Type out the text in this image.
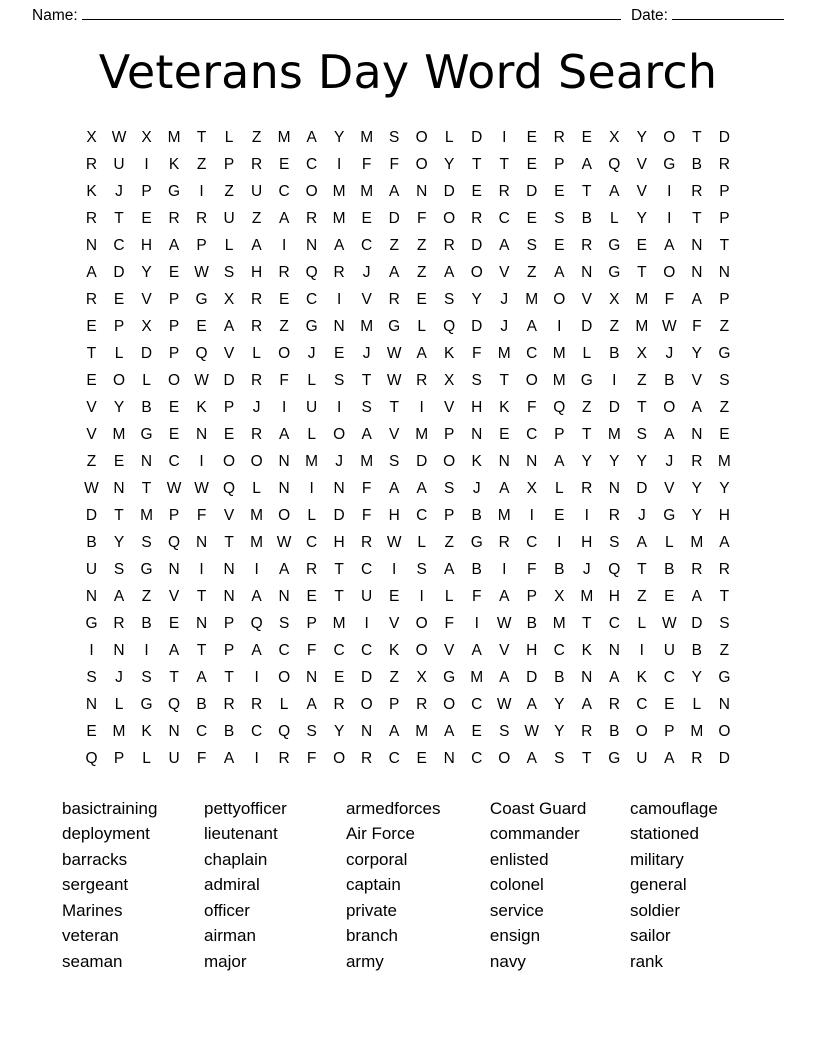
Name:	Date:
Veterans Day Word Search
X W X	M	T	L	Z	M	A	Y	M	S	O	L	D	I	E	R	E	X	Y	O	T	D
R	U	I	K	Z	P	R	E	C	I	F	F	O	Y	T	T	E	P	A	Q	V	G	B	R
K	J	P	G	I	Z	U	C	O M M	A	N	D	E	R	D	E	T	A	V	I	R	P
R	T	E	R	R	U	Z	A	R M	E	D	F	O	R	C	E	S	B	L	Y	I	T	P
N	C	H	A	P	L	A	I	N	A	C	Z	Z	R	D	A	S	E	R	G	E	A	N	T
A	D	Y	E W S	H	R	Q	R	J	A	Z	A	O	V	Z	A	N	G	T	O	N	N
R	E	V	P	G	X	R	E	C	I	V	R	E	S	Y	J	M O	V	X	M	F	A	P
E	P	X	P	E	A	R	Z	G	N M G	L	Q	D	J	A	I	D	Z	M W F	Z
T	L	D	P	Q	V	L	O	J	E	J	W A	K	F	M C M	L	B	X	J	Y	G
E	O	L	O W D	R	F	L	S	T W R	X	S	T	O M G	I	Z	B	V	S
V	Y	B	E	K	P	J	I	U	I	S	T	I	V	H	K	F	Q	Z	D	T	O	A	Z
V	M G	E	N	E	R	A	L	O	A	V	M	P	N	E	C	P	T	M	S	A	N	E
Z	E	N	C	I	O O	N M	J	M	S	D	O	K	N	N	A	Y	Y	Y	J	R M
W N	T W W Q	L	N	I	N	F	A	A	S	J	A	X	L	R	N	D	V	Y	Y
D	T	M	P	F	V	M O	L	D	F	H	C	P	B	M	I	E	I	R	J	G	Y	H
B	Y	S	Q	N	T	M W C	H	R W	L	Z	G	R	C	I	H	S	A	L	M	A
U	S	G	N	I	N	I	A	R	T	C	I	S	A	B	I	F	B	J	Q	T	B	R	R
N	A	Z	V	T	N	A	N	E	T	U	E	I	L	F	A	P	X	M H	Z	E	A	T
G	R	B	E	N	P	Q	S	P	M	I	V	O	F	I	W B	M	T	C	L	W D	S
I	N	I	A	T	P	A	C	F	C	C	K	O	V	A	V	H	C	K	N	I	U	B	Z
S	J	S	T	A	T	I	O	N	E	D	Z	X	G M	A	D	B	N	A	K	C	Y	G
N	L	G Q	B	R	R	L	A	R	O	P	R	O	C W A	Y	A	R	C	E	L	N
E	M	K	N	C	B	C	Q	S	Y	N	A	M	A	E	S W Y	R	B	O	P	M O
Q	P	L	U	F	A	I	R	F	O	R	C	E	N	C	O	A	S	T	G	U	A	R	D
basictraining
deployment
barracks
sergeant
Marines
veteran
seaman
pettyofficer
lieutenant
chaplain
admiral
officer
airman
major
armedforces
Air Force
corporal
captain
private
branch
army
Coast Guard
commander
enlisted
colonel
service
ensign
navy
camouflage
stationed
military
general
soldier
sailor
rank
